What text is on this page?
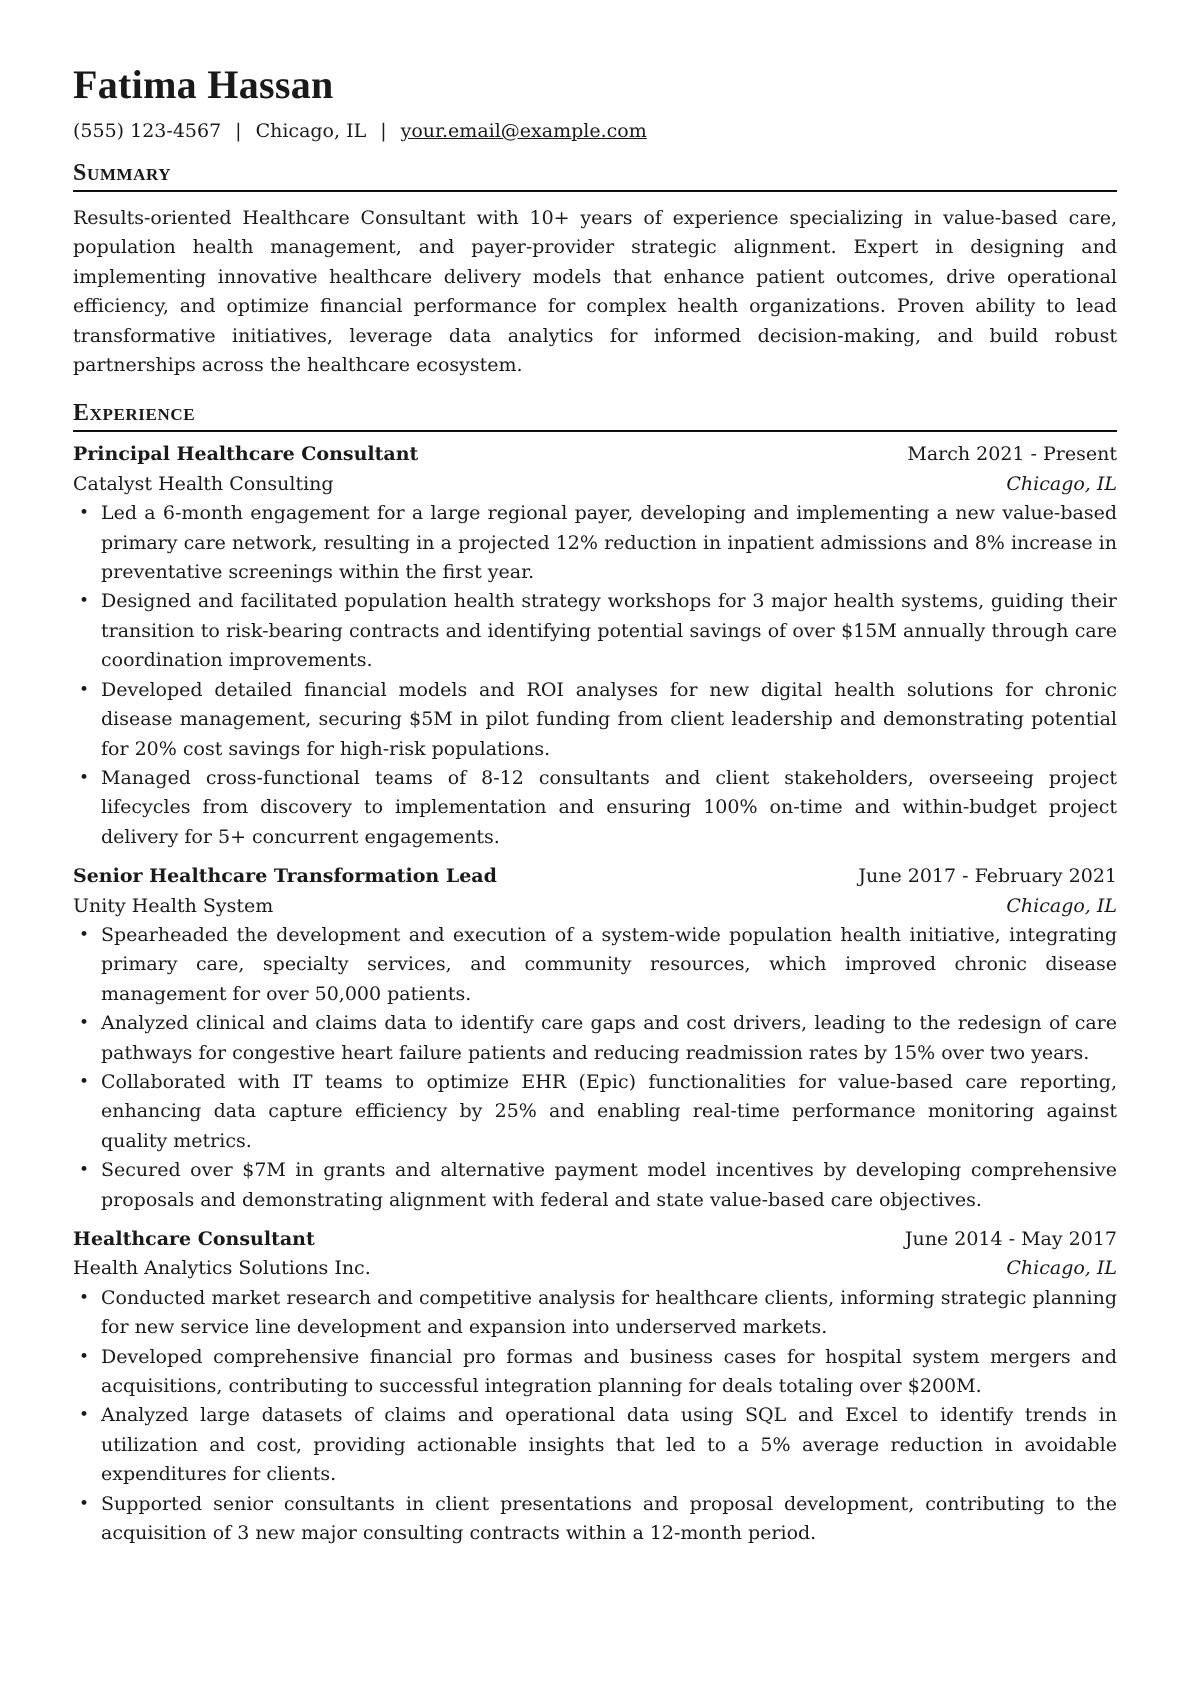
Fatima Hassan
(555) 123-4567 | Chicago, IL | your.email@example.com
Summary

Results-oriented Healthcare Consultant with 10+ years of experience specializing in value-based care, population health management, and payer-provider strategic alignment. Expert in designing and implementing innovative healthcare delivery models that enhance patient outcomes, drive operational efficiency, and optimize financial performance for complex health organizations. Proven ability to lead transformative initiatives, leverage data analytics for informed decision-making, and build robust partnerships across the healthcare ecosystem.

Experience
Principal Healthcare Consultant	March 2021 - Present
Catalyst Health Consulting	Chicago, IL
• Led a 6-month engagement for a large regional payer, developing and implementing a new value-based primary care network, resulting in a projected 12% reduction in inpatient admissions and 8% increase in preventative screenings within the first year.
• Designed and facilitated population health strategy workshops for 3 major health systems, guiding their transition to risk-bearing contracts and identifying potential savings of over $15M annually through care coordination improvements.
• Developed detailed financial models and ROI analyses for new digital health solutions for chronic disease management, securing $5M in pilot funding from client leadership and demonstrating potential for 20% cost savings for high-risk populations.
• Managed cross-functional teams of 8-12 consultants and client stakeholders, overseeing project lifecycles from discovery to implementation and ensuring 100% on-time and within-budget project delivery for 5+ concurrent engagements.
Senior Healthcare Transformation Lead	June 2017 - February 2021
Unity Health System	Chicago, IL
• Spearheaded the development and execution of a system-wide population health initiative, integrating primary care, specialty services, and community resources, which improved chronic disease management for over 50,000 patients.
• Analyzed clinical and claims data to identify care gaps and cost drivers, leading to the redesign of care pathways for congestive heart failure patients and reducing readmission rates by 15% over two years.
• Collaborated with IT teams to optimize EHR (Epic) functionalities for value-based care reporting, enhancing data capture efficiency by 25% and enabling real-time performance monitoring against quality metrics.
• Secured over $7M in grants and alternative payment model incentives by developing comprehensive proposals and demonstrating alignment with federal and state value-based care objectives.
Healthcare Consultant	June 2014 - May 2017
Health Analytics Solutions Inc.	Chicago, IL
• Conducted market research and competitive analysis for healthcare clients, informing strategic planning for new service line development and expansion into underserved markets.
• Developed comprehensive financial pro formas and business cases for hospital system mergers and acquisitions, contributing to successful integration planning for deals totaling over $200M.
• Analyzed large datasets of claims and operational data using SQL and Excel to identify trends in utilization and cost, providing actionable insights that led to a 5% average reduction in avoidable expenditures for clients.
• Supported senior consultants in client presentations and proposal development, contributing to the acquisition of 3 new major consulting contracts within a 12-month period.
